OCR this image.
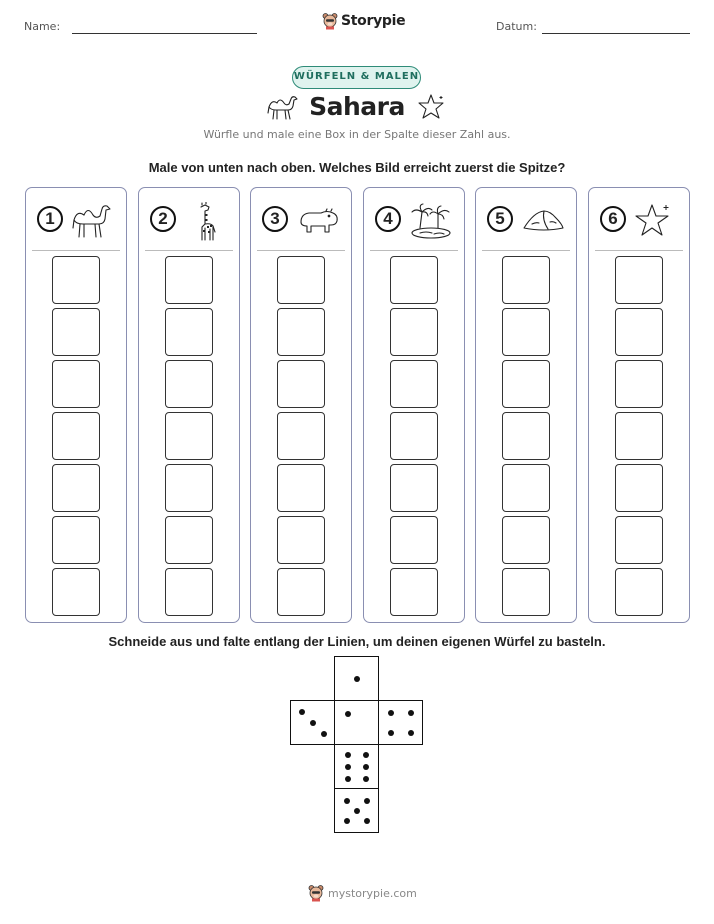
Name:	Storypie	Datum:
WÜRFELN & MALEN
Sahara
Würfle und male eine Box in der Spalte dieser Zahl aus.
Male von unten nach oben. Welches Bild erreicht zuerst die Spitze?
1	2	3	4	5	6
Schneide aus und falte entlang der Linien, um deinen eigenen Würfel zu basteln.
mystorypie.com
